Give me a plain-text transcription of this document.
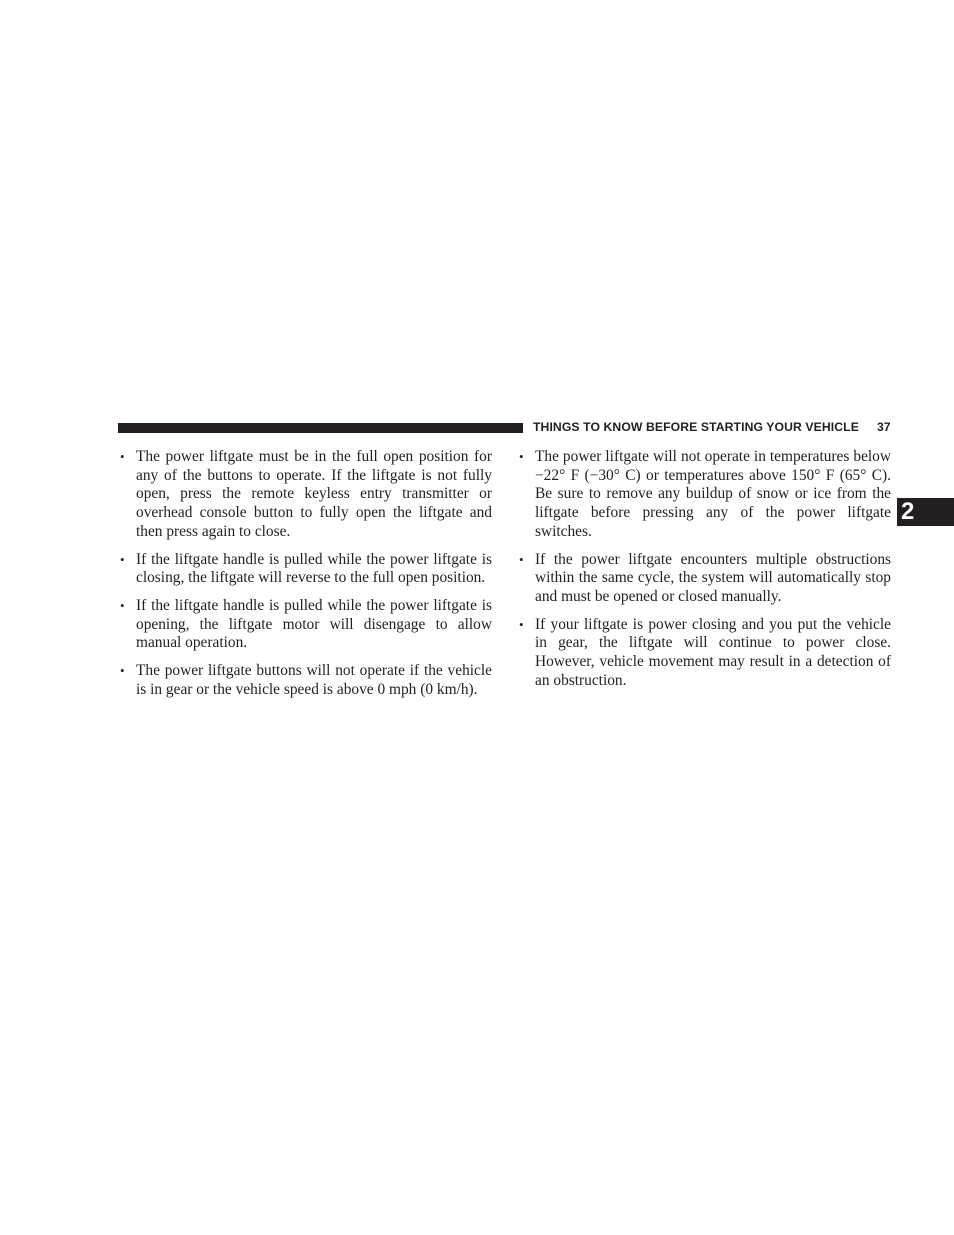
THINGS TO KNOW BEFORE STARTING YOUR VEHICLE 37
2
• The power liftgate must be in the full open position for any of the buttons to operate. If the liftgate is not fully open, press the remote keyless entry transmitter or overhead console button to fully open the liftgate and then press again to close.
• If the liftgate handle is pulled while the power liftgate is closing, the liftgate will reverse to the full open position.
• If the liftgate handle is pulled while the power liftgate is opening, the liftgate motor will disengage to allow manual operation.
• The power liftgate buttons will not operate if the vehicle is in gear or the vehicle speed is above 0 mph (0 km/h).
• The power liftgate will not operate in temperatures below −22° F (−30° C) or temperatures above 150° F (65° C). Be sure to remove any buildup of snow or ice from the liftgate before pressing any of the power liftgate switches.
• If the power liftgate encounters multiple obstructions within the same cycle, the system will automatically stop and must be opened or closed manually.
• If your liftgate is power closing and you put the vehicle in gear, the liftgate will continue to power close. However, vehicle movement may result in a detection of an obstruction.
